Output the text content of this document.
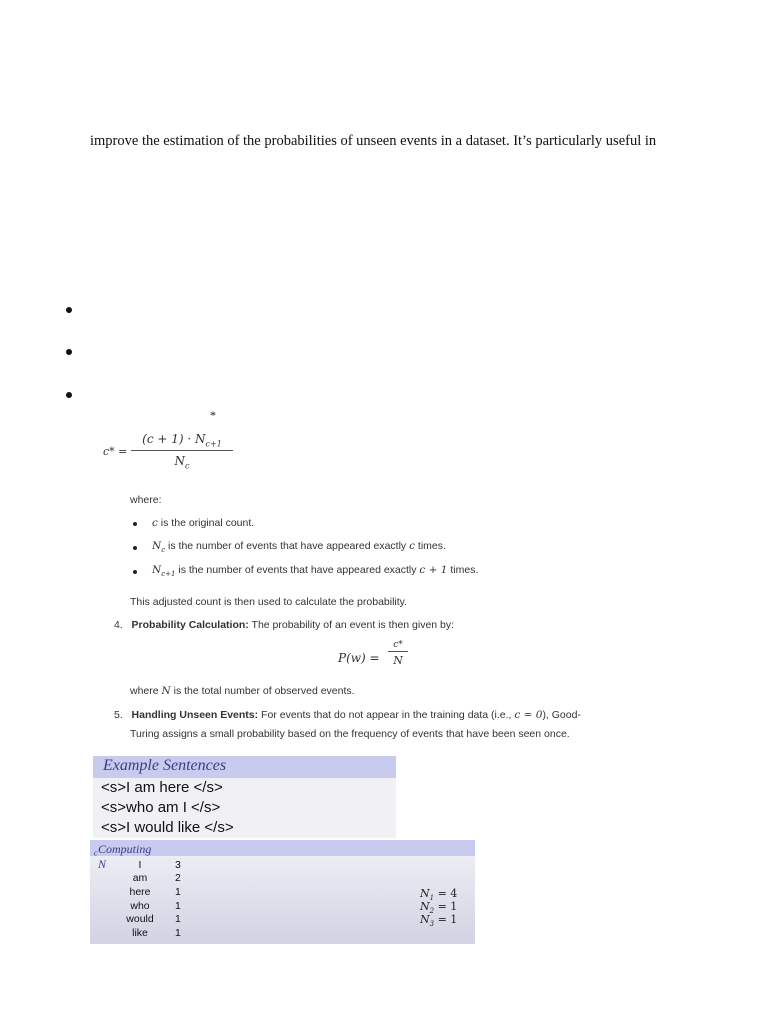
improve the estimation of the probabilities of unseen events in a dataset. It’s particularly useful in
*
$c* = \frac{(c + 1) \cdot N_{c+1}}{N_c}$
where:
c is the original count.
$N_c$ is the number of events that have appeared exactly c times.
$N_{c+1}$ is the number of events that have appeared exactly c + 1 times.
This adjusted count is then used to calculate the probability.
4. Probability Calculation: The probability of an event is then given by:
P(w) =
c*
N
where N is the total number of observed events.
5. Handling Unseen Events: For events that do not appear in the training data (i.e., c = 0), Good-
Turing assigns a small probability based on the frequency of events that have been seen once.
Example Sentences
<s>I am here </s>
<s>who am I </s>
<s>I would like </s>
Computing N
$_c$
I	3
am	2
here	1
who	1
would	1
like	1
$N_1 = 4$
$N_2 = 1$
$N_3 = 1$
